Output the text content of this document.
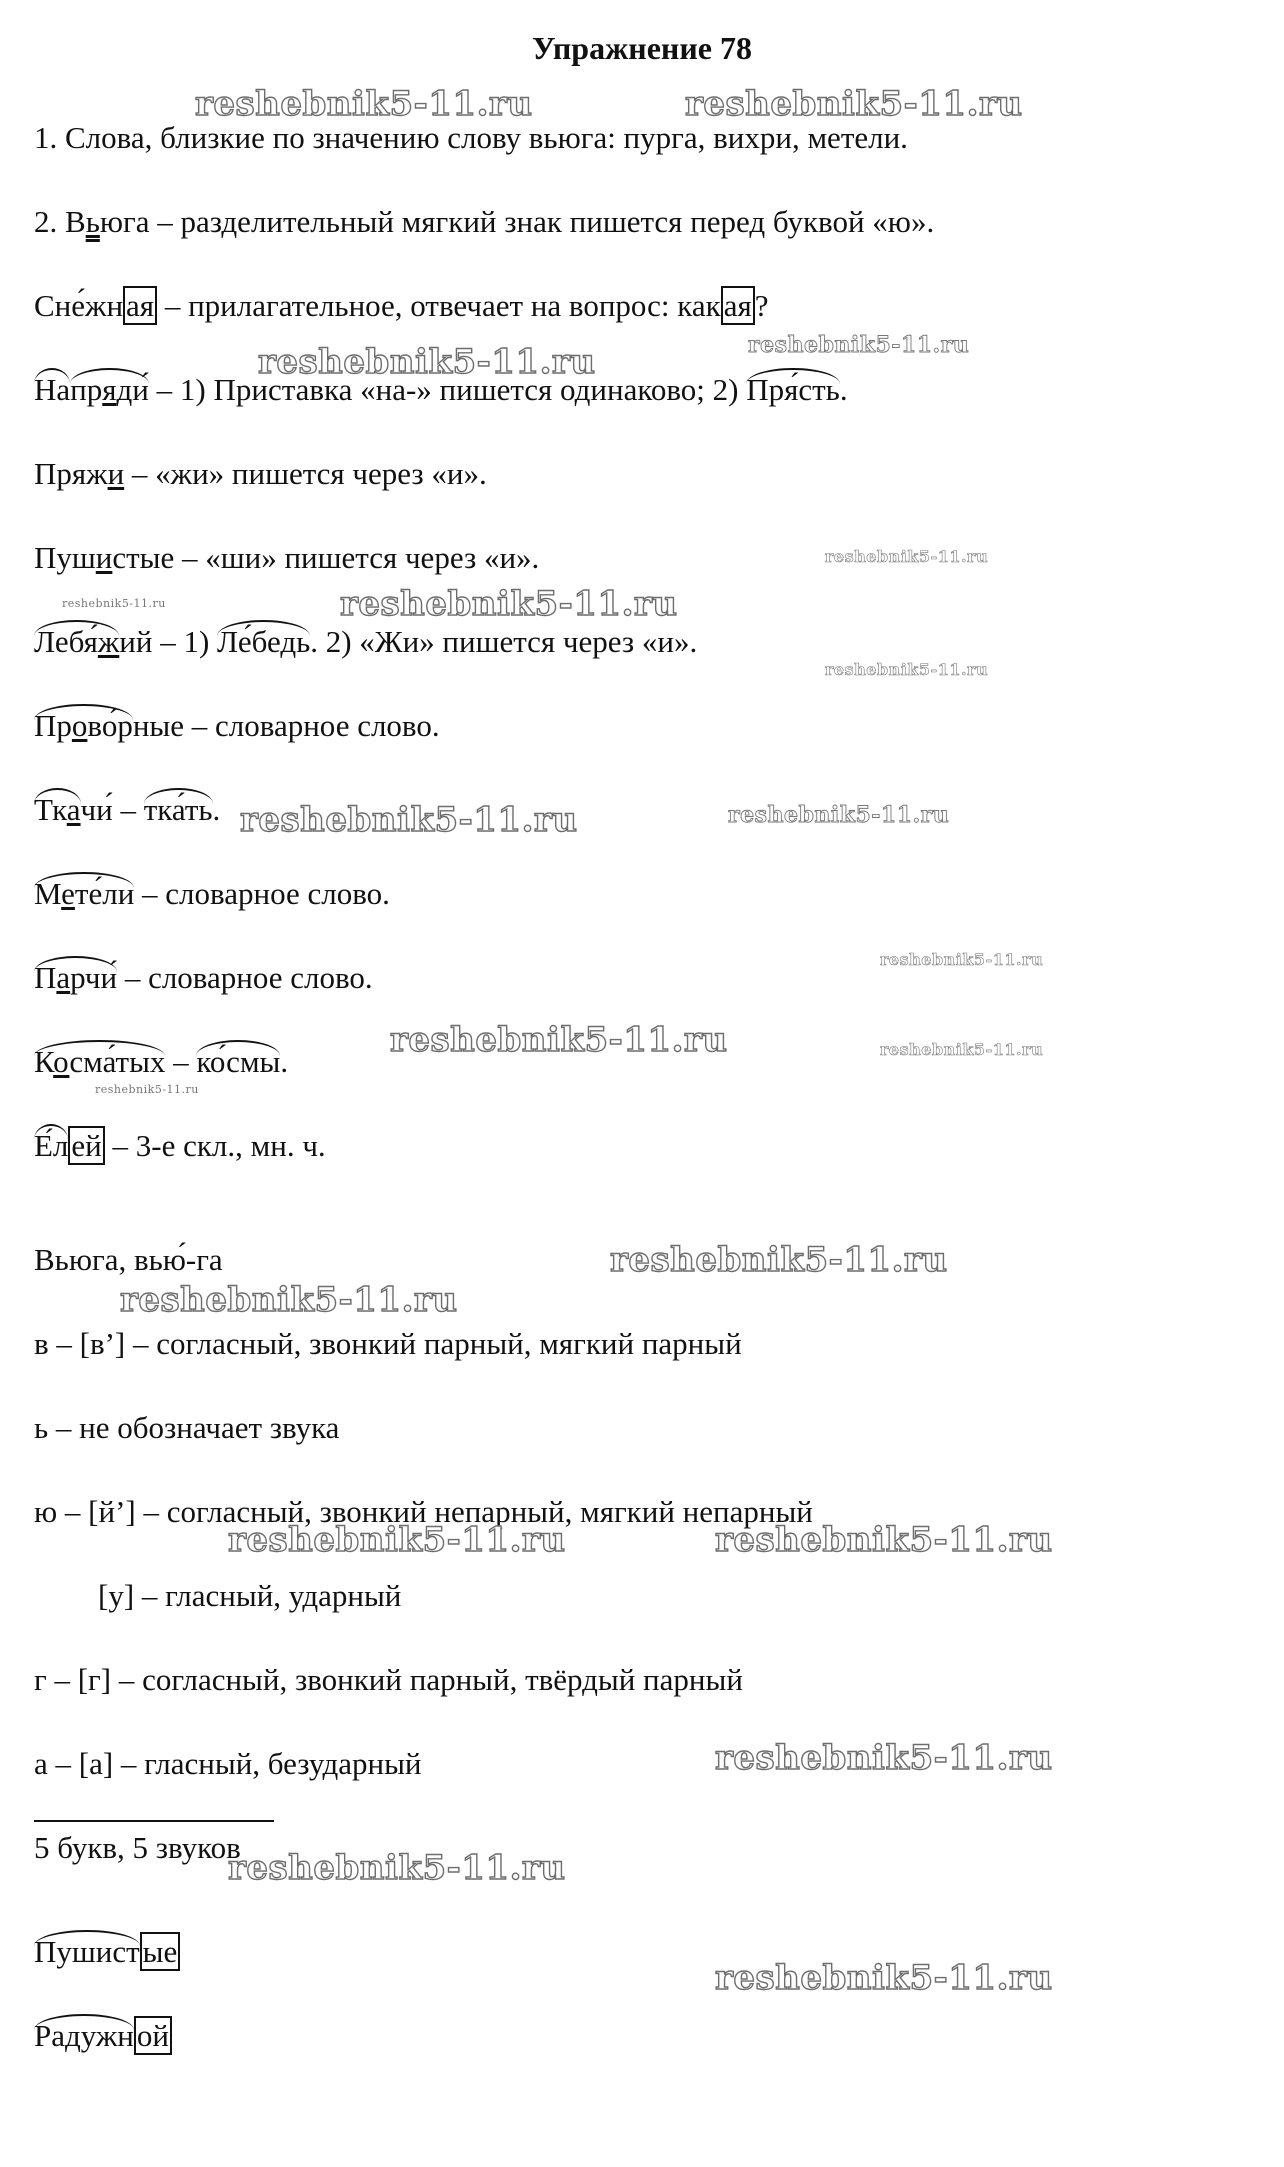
Упражнение 78
1. Слова, близкие по значению слову вьюга: пурга, вихри, метели.
2. Вьюга – разделительный мягкий знак пишется перед буквой «ю».
Сне́жная – прилагательное, отвечает на вопрос: какая?
Напряди́ – 1) Приставка «на-» пишется одинаково; 2) Пря́сть.
Пряжи – «жи» пишется через «и».
Пушистые – «ши» пишется через «и».
Лебя́жий – 1) Ле́бедь. 2) «Жи» пишется через «и».
Прово́рные – словарное слово.
Ткачи́ – тка́ть.
Мете́ли – словарное слово.
Парчи́ – словарное слово.
Косма́тых – ко́смы.
Е́лей – 3-е скл., мн. ч.
Вьюга, вью́-га
в – [в’] – согласный, звонкий парный, мягкий парный
ь – не обозначает звука
ю – [й’] – согласный, звонкий непарный, мягкий непарный
[у] – гласный, ударный
г – [г] – согласный, звонкий парный, твёрдый парный
а – [а] – гласный, безударный
5 букв, 5 звуков
Пушистые
Радужной
reshebnik5-11.ru	reshebnik5-11.ru
reshebnik5-11.ru
reshebnik5-11.ru
reshebnik5-11.ru
reshebnik5-11.ru	reshebnik5-11.ru
reshebnik5-11.ru
reshebnik5-11.ru	reshebnik5-11.ru
reshebnik5-11.ru
reshebnik5-11.ru	reshebnik5-11.ru
reshebnik5-11.ru
reshebnik5-11.ru
reshebnik5-11.ru
reshebnik5-11.ru	reshebnik5-11.ru
reshebnik5-11.ru
reshebnik5-11.ru
reshebnik5-11.ru
